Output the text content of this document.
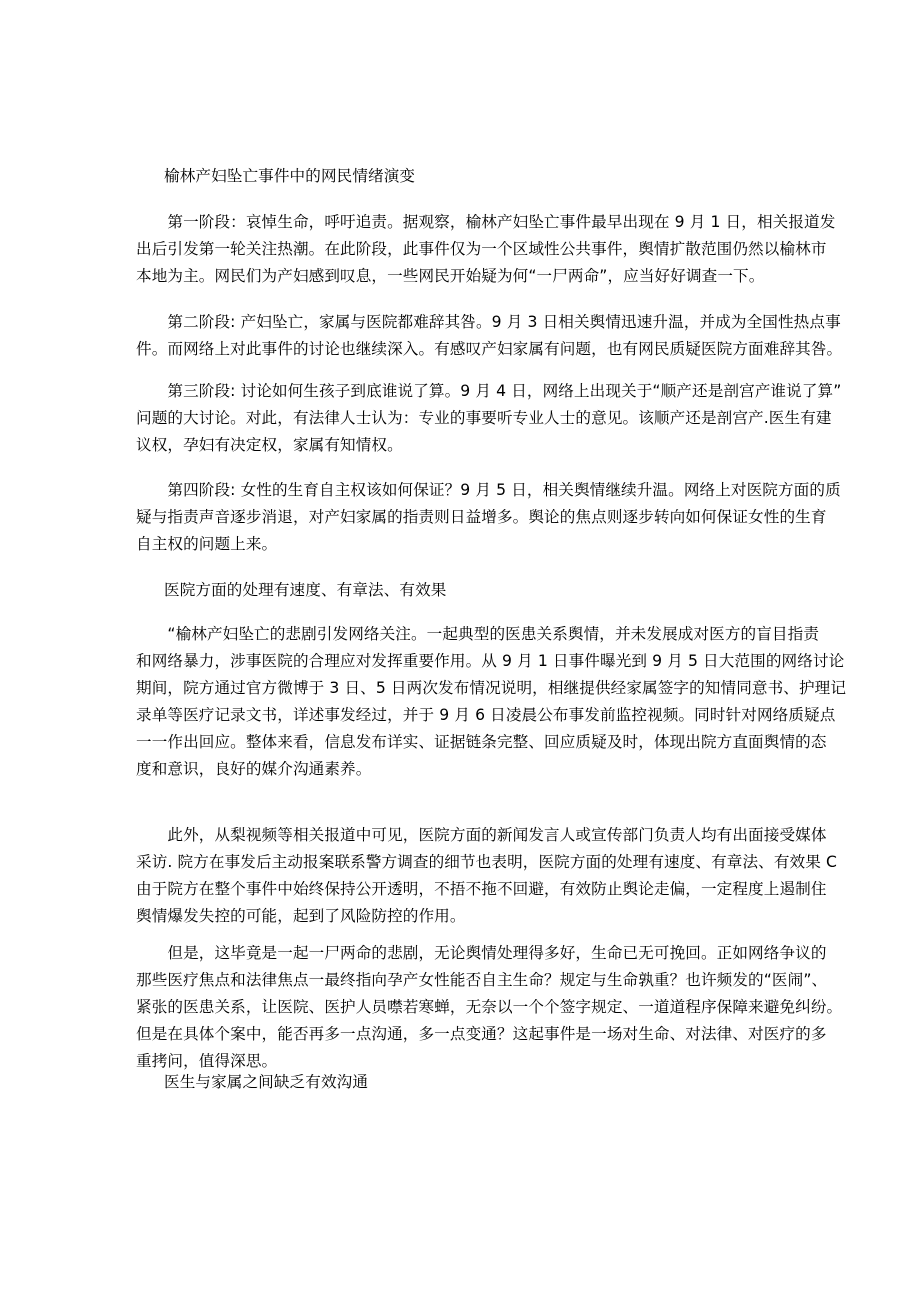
榆林产妇坠亡事件中的网民情绪演变
　　第一阶段：哀悼生命，呼吁追责。据观察，榆林产妇坠亡事件最早出现在 9 月 1 日，相关报道发
出后引发第一轮关注热潮。在此阶段，此事件仅为一个区域性公共事件，舆情扩散范围仍然以榆林市
本地为主。网民们为产妇感到叹息，一些网民开始疑为何“一尸两命”，应当好好调查一下。
　　第二阶段: 产妇坠亡，家属与医院都难辞其咎。9 月 3 日相关舆情迅速升温，并成为全国性热点事
件。而网络上对此事件的讨论也继续深入。有感叹产妇家属有问题，也有网民质疑医院方面难辞其咎。
　　第三阶段: 讨论如何生孩子到底谁说了算。9 月 4 日，网络上出现关于“顺产还是剖宫产谁说了算”
问题的大讨论。对此，有法律人士认为：专业的事要听专业人士的意见。该顺产还是剖宫产.医生有建
议权，孕妇有决定权，家属有知情权。
　　第四阶段: 女性的生育自主权该如何保证？9 月 5 日，相关舆情继续升温。网络上对医院方面的质
疑与指责声音逐步消退，对产妇家属的指责则日益增多。舆论的焦点则逐步转向如何保证女性的生育
自主权的问题上来。
医院方面的处理有速度、有章法、有效果
　　“榆林产妇坠亡的悲剧引发网络关注。一起典型的医患关系舆情，并未发展成对医方的盲目指责
和网络暴力，涉事医院的合理应对发挥重要作用。从 9 月 1 日事件曝光到 9 月 5 日大范围的网络讨论
期间，院方通过官方微博于 3 日、5 日两次发布情况说明，相继提供经家属签字的知情同意书、护理记
录单等医疗记录文书，详述事发经过，并于 9 月 6 日凌晨公布事发前监控视频。同时针对网络质疑点
一一作出回应。整体来看，信息发布详实、证据链条完整、回应质疑及时，体现出院方直面舆情的态
度和意识，良好的媒介沟通素养。
　　此外，从梨视频等相关报道中可见，医院方面的新闻发言人或宣传部门负责人均有出面接受媒体
采访. 院方在事发后主动报案联系警方调查的细节也表明，医院方面的处理有速度、有章法、有效果 C
由于院方在整个事件中始终保持公开透明，不捂不拖不回避，有效防止舆论走偏，一定程度上遏制住
舆情爆发失控的可能，起到了风险防控的作用。
　　但是，这毕竟是一起一尸两命的悲剧，无论舆情处理得多好，生命已无可挽回。正如网络争议的
那些医疗焦点和法律焦点一最终指向孕产女性能否自主生命？规定与生命孰重？也许频发的“医闹”、
紧张的医患关系，让医院、医护人员噤若寒蝉，无奈以一个个签字规定、一道道程序保障来避免纠纷。
但是在具体个案中，能否再多一点沟通，多一点变通？这起事件是一场对生命、对法律、对医疗的多
重拷问，值得深思。
医生与家属之间缺乏有效沟通
